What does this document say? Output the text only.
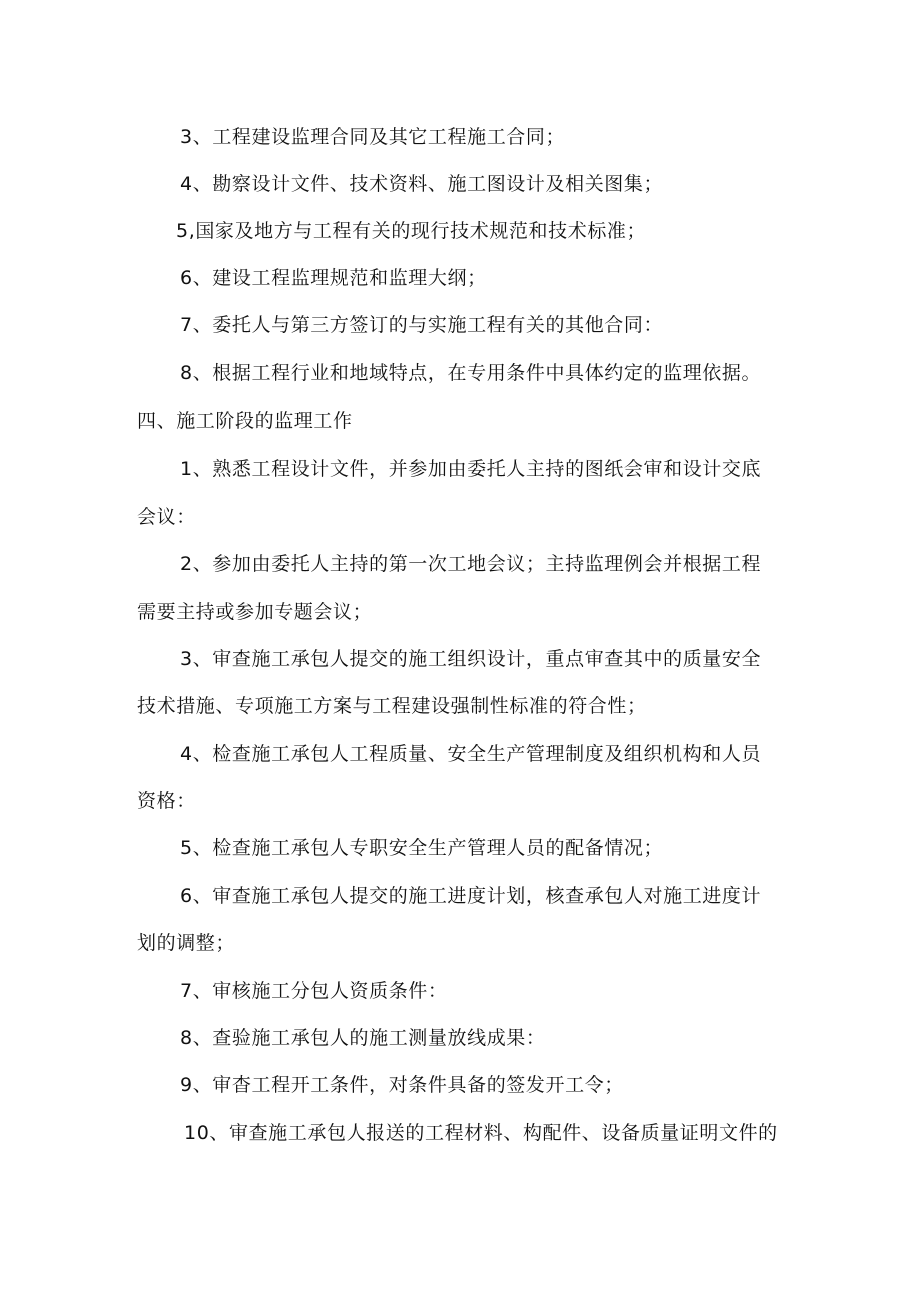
3、工程建设监理合同及其它工程施工合同；
4、勘察设计文件、技术资料、施工图设计及相关图集；
5,国家及地方与工程有关的现行技术规范和技术标准；
6、建设工程监理规范和监理大纲；
7、委托人与第三方签订的与实施工程有关的其他合同：
8、根据工程行业和地域特点，在专用条件中具体约定的监理依据。
四、施工阶段的监理工作
1、熟悉工程设计文件，并参加由委托人主持的图纸会审和设计交底
会议：
2、参加由委托人主持的第一次工地会议；主持监理例会并根据工程
需要主持或参加专题会议；
3、审查施工承包人提交的施工组织设计，重点审查其中的质量安全
技术措施、专项施工方案与工程建设强制性标准的符合性；
4、检查施工承包人工程质量、安全生产管理制度及组织机构和人员
资格：
5、检查施工承包人专职安全生产管理人员的配备情况；
6、审查施工承包人提交的施工进度计划，核查承包人对施工进度计
划的调整；
7、审核施工分包人资质条件：
8、查验施工承包人的施工测量放线成果：
9、审杳工程开工条件，对条件具备的签发开工令；
10、审查施工承包人报送的工程材料、构配件、设备质量证明文件的
